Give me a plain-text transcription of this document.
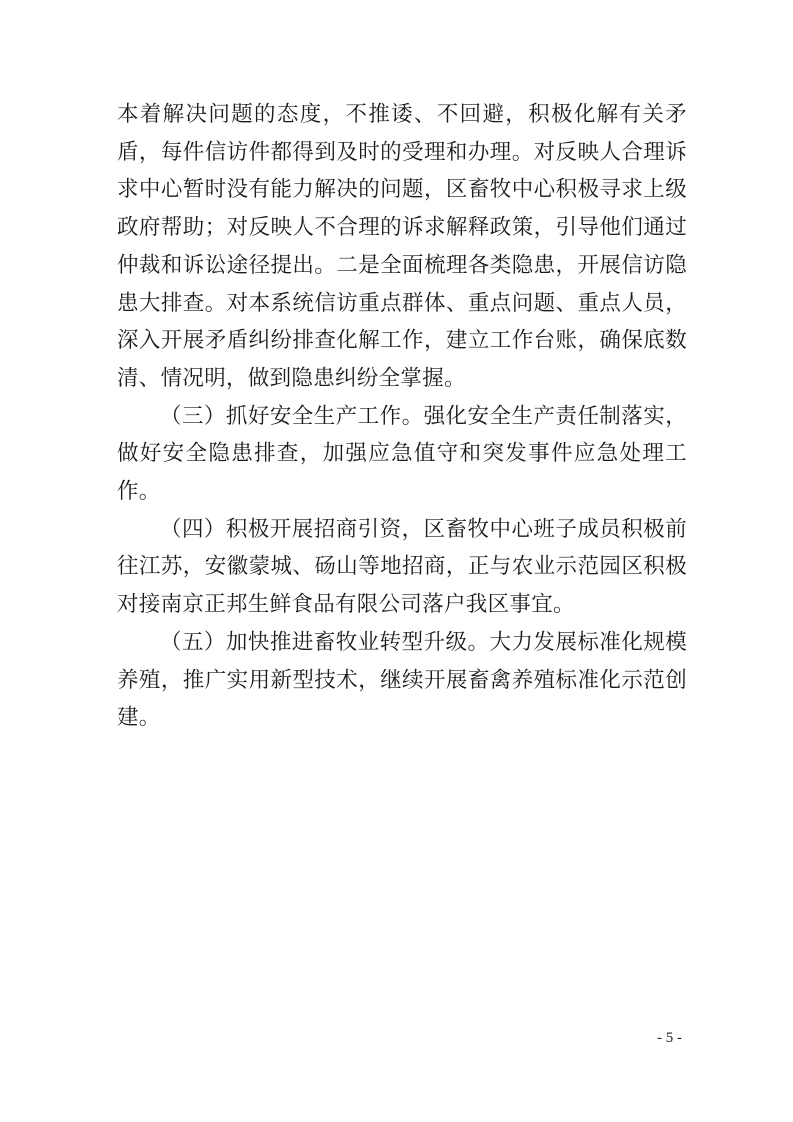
本着解决问题的态度，不推诿、不回避，积极化解有关矛盾，每件信访件都得到及时的受理和办理。对反映人合理诉求中心暂时没有能力解决的问题，区畜牧中心积极寻求上级政府帮助；对反映人不合理的诉求解释政策，引导他们通过仲裁和诉讼途径提出。二是全面梳理各类隐患，开展信访隐患大排查。对本系统信访重点群体、重点问题、重点人员，深入开展矛盾纠纷排查化解工作，建立工作台账，确保底数清、情况明，做到隐患纠纷全掌握。

（三）抓好安全生产工作。强化安全生产责任制落实，做好安全隐患排查，加强应急值守和突发事件应急处理工作。

（四）积极开展招商引资，区畜牧中心班子成员积极前往江苏，安徽蒙城、砀山等地招商，正与农业示范园区积极对接南京正邦生鲜食品有限公司落户我区事宜。

（五）加快推进畜牧业转型升级。大力发展标准化规模养殖，推广实用新型技术，继续开展畜禽养殖标准化示范创建。

- 5 -
